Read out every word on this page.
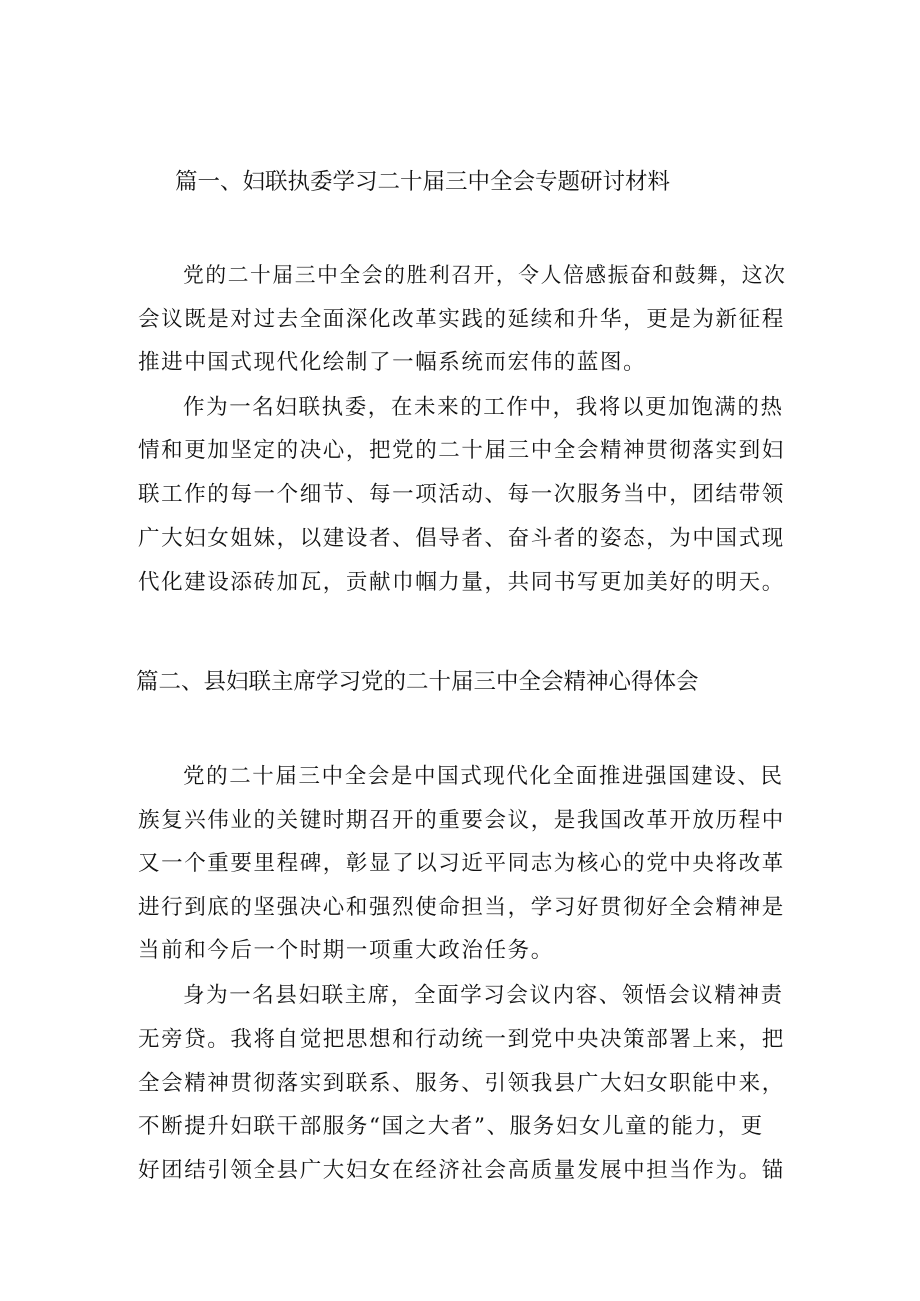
篇一、妇联执委学习二十届三中全会专题研讨材料

党的二十届三中全会的胜利召开，令人倍感振奋和鼓舞，这次

会议既是对过去全面深化改革实践的延续和升华，更是为新征程

推进中国式现代化绘制了一幅系统而宏伟的蓝图。

作为一名妇联执委，在未来的工作中，我将以更加饱满的热

情和更加坚定的决心，把党的二十届三中全会精神贯彻落实到妇

联工作的每一个细节、每一项活动、每一次服务当中，团结带领

广大妇女姐妹，以建设者、倡导者、奋斗者的姿态，为中国式现

代化建设添砖加瓦，贡献巾帼力量，共同书写更加美好的明天。

篇二、县妇联主席学习党的二十届三中全会精神心得体会

党的二十届三中全会是中国式现代化全面推进强国建设、民

族复兴伟业的关键时期召开的重要会议，是我国改革开放历程中

又一个重要里程碑，彰显了以习近平同志为核心的党中央将改革

进行到底的坚强决心和强烈使命担当，学习好贯彻好全会精神是

当前和今后一个时期一项重大政治任务。

身为一名县妇联主席，全面学习会议内容、领悟会议精神责

无旁贷。我将自觉把思想和行动统一到党中央决策部署上来，把

全会精神贯彻落实到联系、服务、引领我县广大妇女职能中来，

不断提升妇联干部服务“国之大者”、服务妇女儿童的能力，更

好团结引领全县广大妇女在经济社会高质量发展中担当作为。锚
